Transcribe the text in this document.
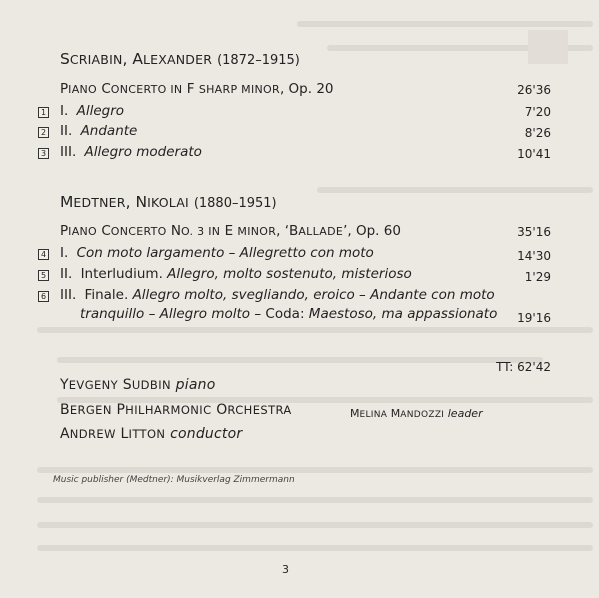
SCRIABIN, ALEXANDER (1872–1915)
PIANO CONCERTO IN F SHARP MINOR, Op. 20	26'36
1 I. Allegro	7'20
2 II. Andante	8'26
3 III. Allegro moderato	10'41
MEDTNER, NIKOLAI (1880–1951)
PIANO CONCERTO NO. 3 IN E MINOR, ‘BALLADE’, Op. 60	35'16
4 I. Con moto largamento – Allegretto con moto	14'30
5 II. Interludium. Allegro, molto sostenuto, misterioso	1'29
6 III. Finale. Allegro molto, svegliando, eroico – Andante con moto
tranquillo – Allegro molto – Coda: Maestoso, ma appassionato 19'16
TT: 62'42
YEVGENY SUDBIN piano
BERGEN PHILHARMONIC ORCHESTRA	MELINA MANDOZZI leader
ANDREW LITTON conductor
Music publisher (Medtner): Musikverlag Zimmermann
3
